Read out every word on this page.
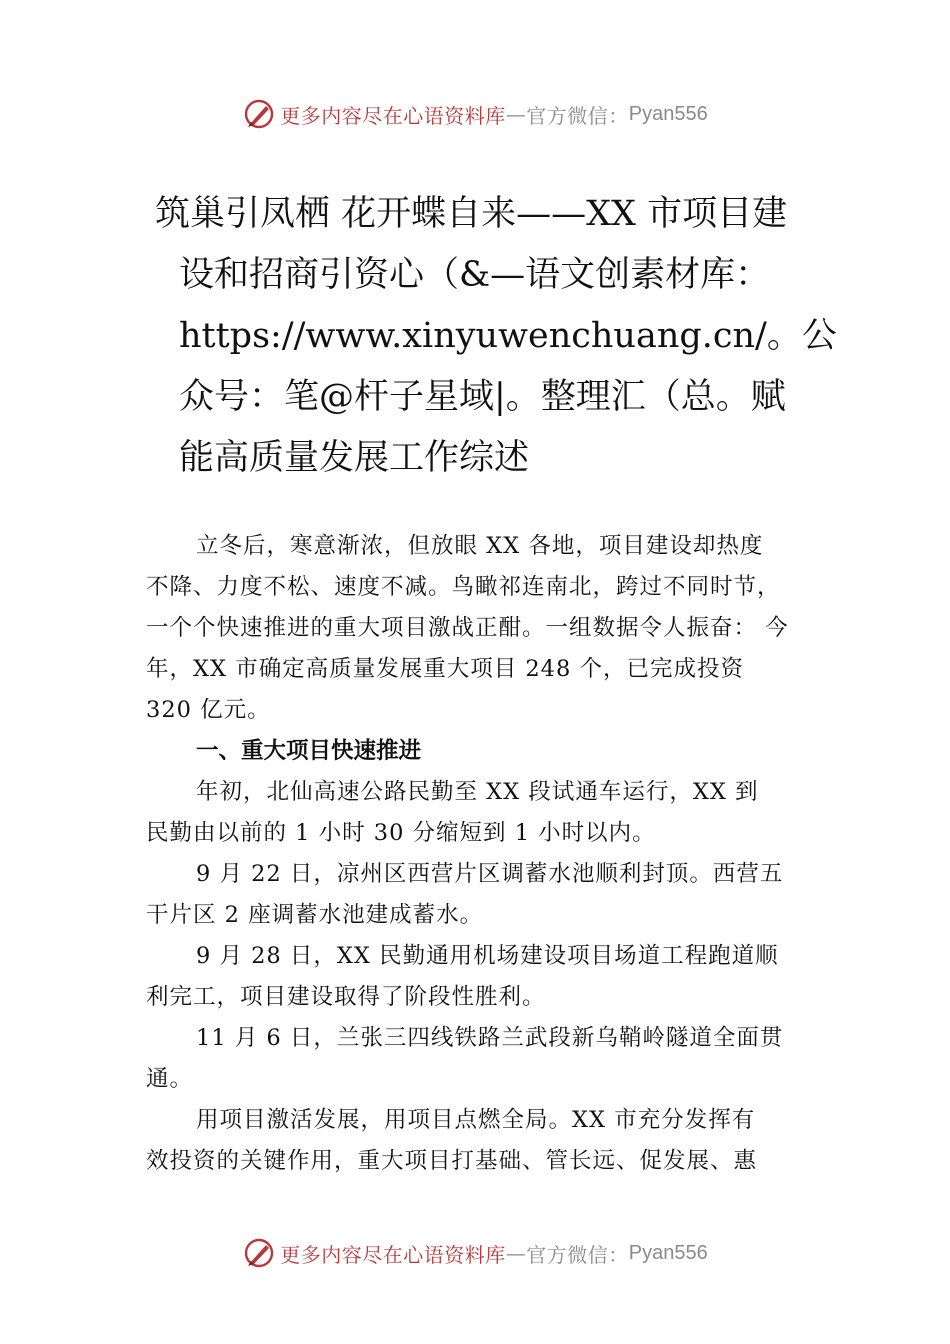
更多内容尽在心语资料库 — 官方微信： Pyan556
筑巢引凤栖 花开蝶自来——XX 市项目建
设和招商引资心（&—语文创素材库：
https://www.xinyuwenchuang.cn/。公
众号：笔@杆子星域|。整理汇（总。赋
能高质量发展工作综述
立冬后，寒意渐浓，但放眼 XX 各地，项目建设却热度
不降、力度不松、速度不减。鸟瞰祁连南北，跨过不同时节，
一个个快速推进的重大项目激战正酣。一组数据令人振奋： 今
年，XX 市确定高质量发展重大项目 248 个，已完成投资
320 亿元。
一、重大项目快速推进
年初，北仙高速公路民勤至 XX 段试通车运行，XX 到
民勤由以前的 1 小时 30 分缩短到 1 小时以内。
9 月 22 日，凉州区西营片区调蓄水池顺利封顶。西营五
干片区 2 座调蓄水池建成蓄水。
9 月 28 日，XX 民勤通用机场建设项目场道工程跑道顺
利完工，项目建设取得了阶段性胜利。
11 月 6 日，兰张三四线铁路兰武段新乌鞘岭隧道全面贯
通。
用项目激活发展，用项目点燃全局。XX 市充分发挥有
效投资的关键作用，重大项目打基础、管长远、促发展、惠
更多内容尽在心语资料库 — 官方微信： Pyan556
